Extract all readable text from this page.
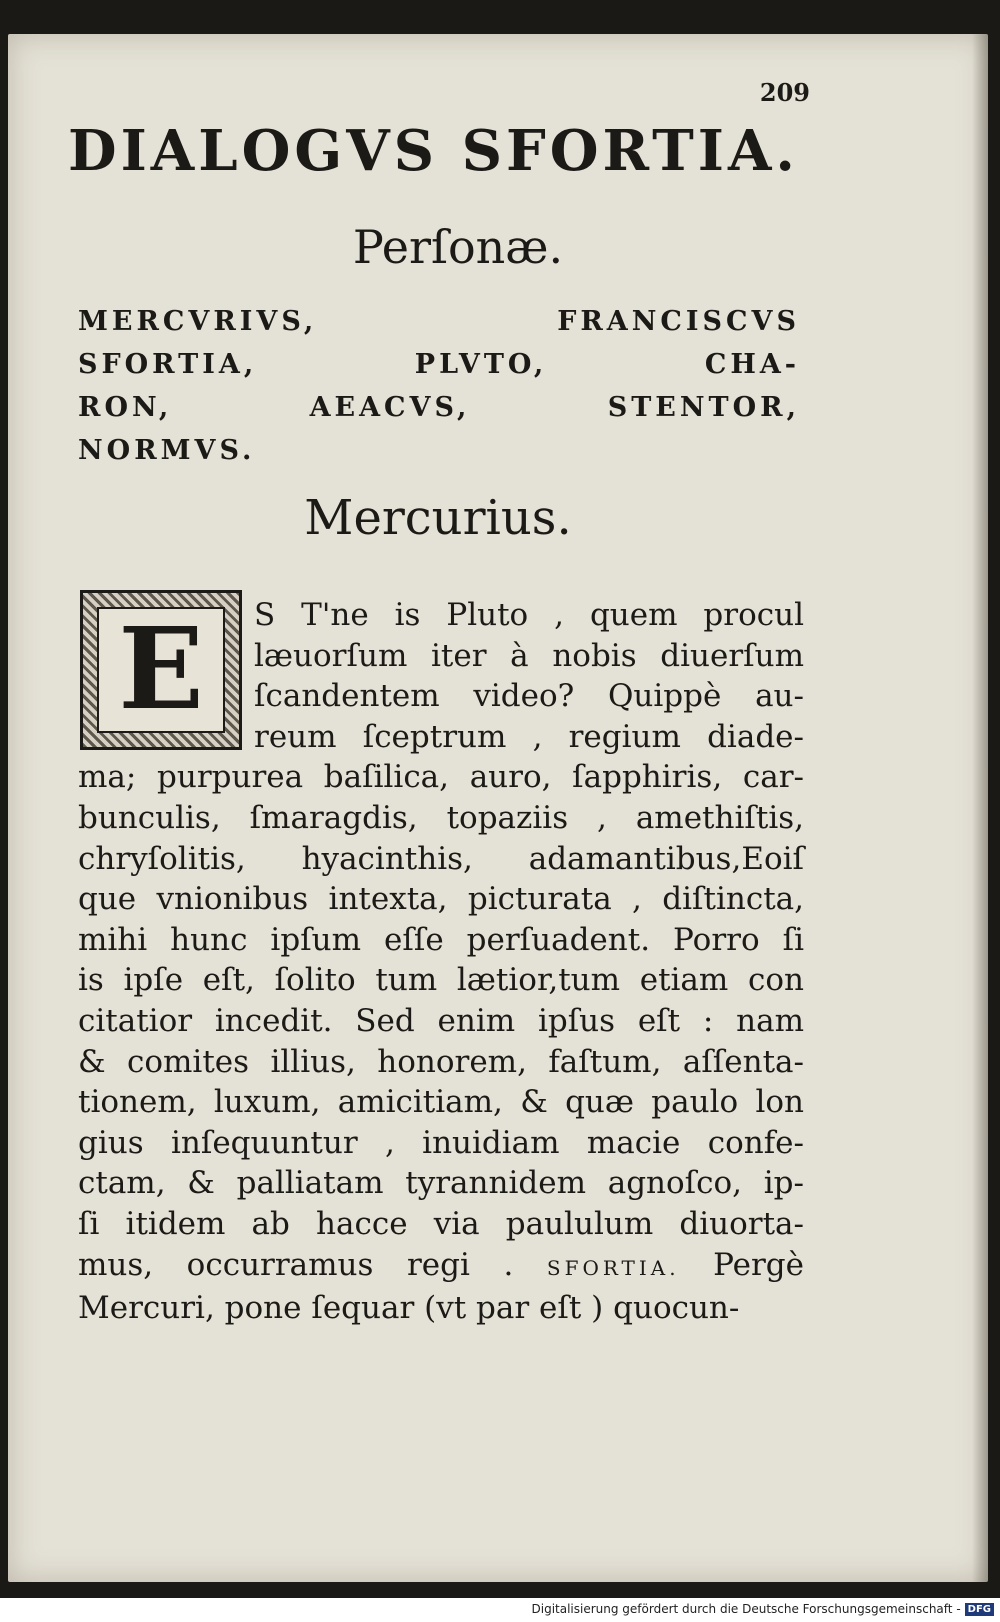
209
DIALOGVS SFORTIA.
Perſonæ.
MERCVRIVS, FRANCISCVS
SFORTIA, PLVTO, CHA-
RON, AEACVS, STENTOR,
NORMVS.
Mercurius.
E	S T'ne is Pluto , quem procul
læuorſum iter à nobis diuerſum
ſcandentem video? Quippè au-
reum ſceptrum , regium diade-
ma; purpurea baſilica, auro, ſapphiris, car-
bunculis, ſmaragdis, topaziis , amethiſtis,
chryſolitis, hyacinthis, adamantibus,Eoiſ
que vnionibus intexta, picturata , diſtincta,
mihi hunc ipſum eſſe perſuadent. Porro ſi
is ipſe eſt, ſolito tum lætior,tum etiam con
citatior incedit. Sed enim ipſus eſt : nam
& comites illius, honorem, faſtum, aſſenta-
tionem, luxum, amicitiam, & quæ paulo lon
gius inſequuntur , inuidiam macie confe-
ctam, & palliatam tyrannidem agnoſco, ip-
ſi itidem ab hacce via paululum diuorta-
mus, occurramus regi . SFORTIA. Pergè
Mercuri, pone ſequar (vt par eſt ) quocun-
Digitalisierung gefördert durch die Deutsche Forschungsgemeinschaft - DFG
